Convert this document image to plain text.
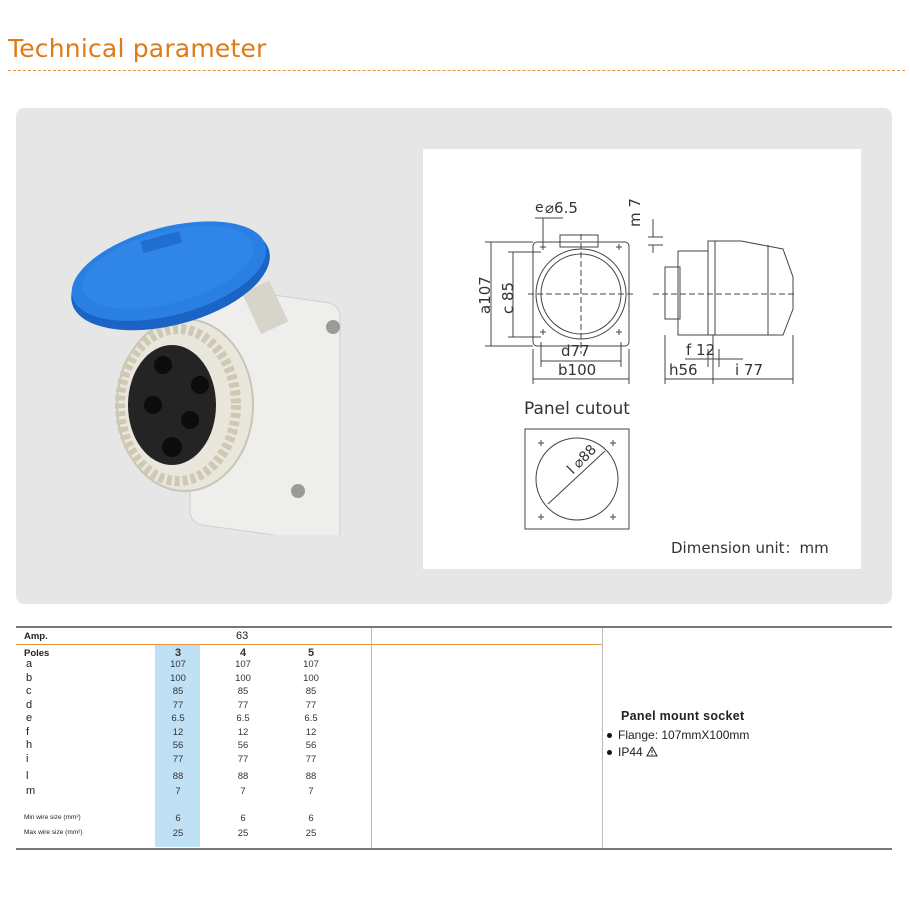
Technical parameter
e ⌀6.5	m 7
a107 c 85
d77
b100
f 12
h56 i 77
l ⌀88
Panel cutout
Dimension unit：mm
Amp.	63
Poles	3	4	5
a	107	107	107
b	100	100	100
c	85	85	85
d	77	77	77
e	6.5	6.5	6.5
f	12	12	12
h	56	56	56
i	77	77	77
l	88	88	88
m	7	7	7
Min wire size (mm²)	6	6	6
Max wire size (mm²)	25	25	25
Panel mount socket
Flange: 107mmX100mm
IP44
